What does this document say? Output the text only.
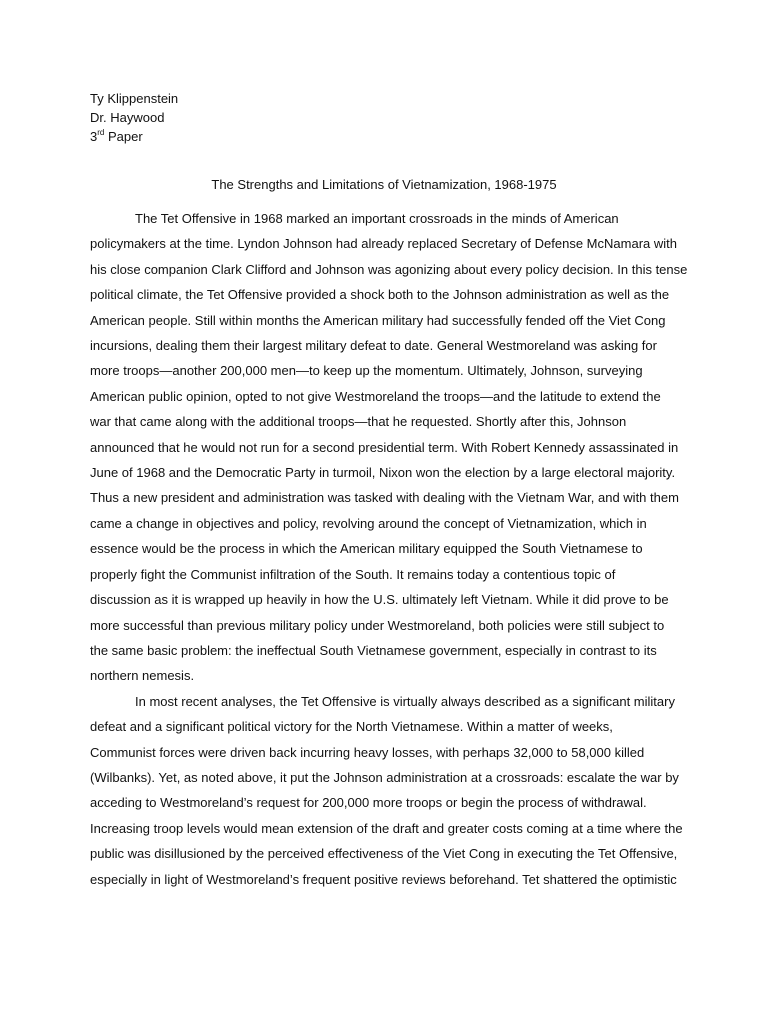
Ty Klippenstein
Dr. Haywood
3rd Paper
The Strengths and Limitations of Vietnamization, 1968-1975
The Tet Offensive in 1968 marked an important crossroads in the minds of American
policymakers at the time. Lyndon Johnson had already replaced Secretary of Defense McNamara with
his close companion Clark Clifford and Johnson was agonizing about every policy decision. In this tense
political climate, the Tet Offensive provided a shock both to the Johnson administration as well as the
American people. Still within months the American military had successfully fended off the Viet Cong
incursions, dealing them their largest military defeat to date. General Westmoreland was asking for
more troops—another 200,000 men—to keep up the momentum. Ultimately, Johnson, surveying
American public opinion, opted to not give Westmoreland the troops—and the latitude to extend the
war that came along with the additional troops—that he requested. Shortly after this, Johnson
announced that he would not run for a second presidential term. With Robert Kennedy assassinated in
June of 1968 and the Democratic Party in turmoil, Nixon won the election by a large electoral majority.
Thus a new president and administration was tasked with dealing with the Vietnam War, and with them
came a change in objectives and policy, revolving around the concept of Vietnamization, which in
essence would be the process in which the American military equipped the South Vietnamese to
properly fight the Communist infiltration of the South. It remains today a contentious topic of
discussion as it is wrapped up heavily in how the U.S. ultimately left Vietnam. While it did prove to be
more successful than previous military policy under Westmoreland, both policies were still subject to
the same basic problem: the ineffectual South Vietnamese government, especially in contrast to its
northern nemesis.
In most recent analyses, the Tet Offensive is virtually always described as a significant military
defeat and a significant political victory for the North Vietnamese. Within a matter of weeks,
Communist forces were driven back incurring heavy losses, with perhaps 32,000 to 58,000 killed
(Wilbanks). Yet, as noted above, it put the Johnson administration at a crossroads: escalate the war by
acceding to Westmoreland’s request for 200,000 more troops or begin the process of withdrawal.
Increasing troop levels would mean extension of the draft and greater costs coming at a time where the
public was disillusioned by the perceived effectiveness of the Viet Cong in executing the Tet Offensive,
especially in light of Westmoreland’s frequent positive reviews beforehand. Tet shattered the optimistic
